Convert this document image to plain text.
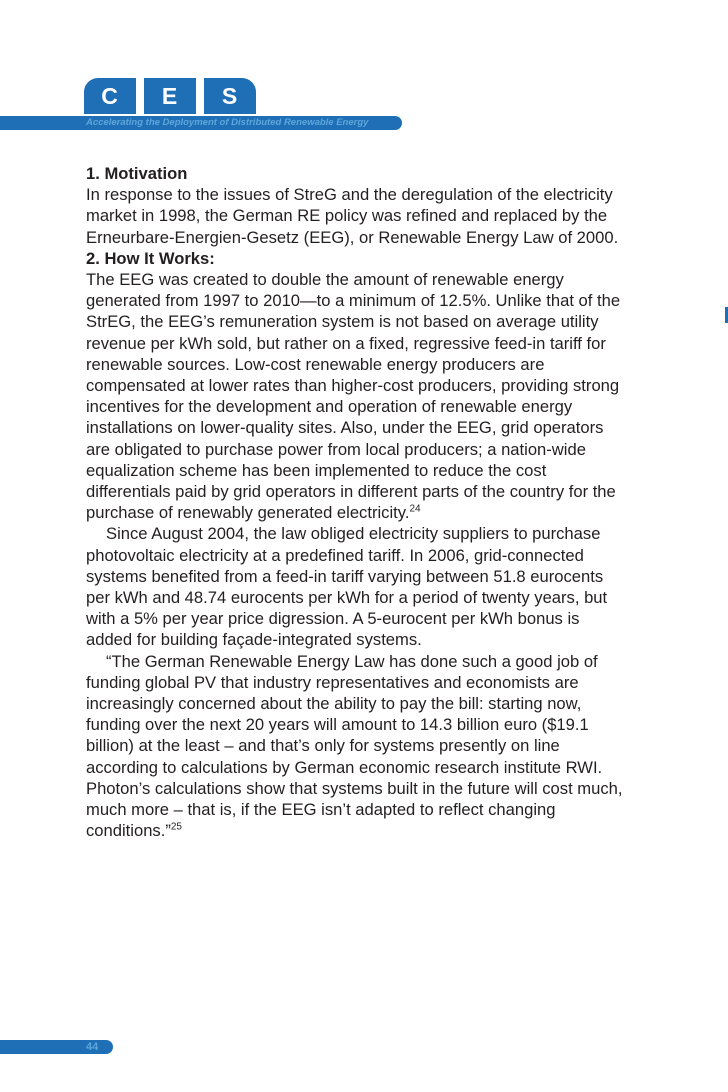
C	E	S
Accelerating the Deployment of Distributed Renewable Energy
1. Motivation

In response to the issues of StreG and the deregulation of the electricity market in 1998, the German RE policy was refined and replaced by the Erneurbare-Energien-Gesetz (EEG), or Renewable Energy Law of 2000.

2. How It Works:

The EEG was created to double the amount of renewable energy generated from 1997 to 2010—to a minimum of 12.5%. Unlike that of the StrEG, the EEG’s remuneration system is not based on average utility revenue per kWh sold, but rather on a fixed, regressive feed-in tariff for renewable sources. Low-cost renewable energy producers are compensated at lower rates than higher-cost producers, providing strong incentives for the development and operation of renewable energy installations on lower-quality sites. Also, under the EEG, grid operators are obligated to purchase power from local producers; a nation-wide equalization scheme has been implemented to reduce the cost differentials paid by grid operators in different parts of the country for the purchase of renewably generated electricity.$^{24}$

Since August 2004, the law obliged electricity suppliers to purchase photovoltaic electricity at a predefined tariff. In 2006, grid-connected systems benefited from a feed-in tariff varying between 51.8 eurocents per kWh and 48.74 eurocents per kWh for a period of twenty years, but with a 5% per year price digression. A 5-eurocent per kWh bonus is added for building façade-integrated systems.

“The German Renewable Energy Law has done such a good job of funding global PV that industry representatives and economists are increasingly concerned about the ability to pay the bill: starting now, funding over the next 20 years will amount to 14.3 billion euro ($19.1 billion) at the least – and that’s only for systems presently on line according to calculations by German economic research institute RWI. Photon’s calculations show that systems built in the future will cost much, much more – that is, if the EEG isn’t adapted to reflect changing conditions.”$^{25}$

44
